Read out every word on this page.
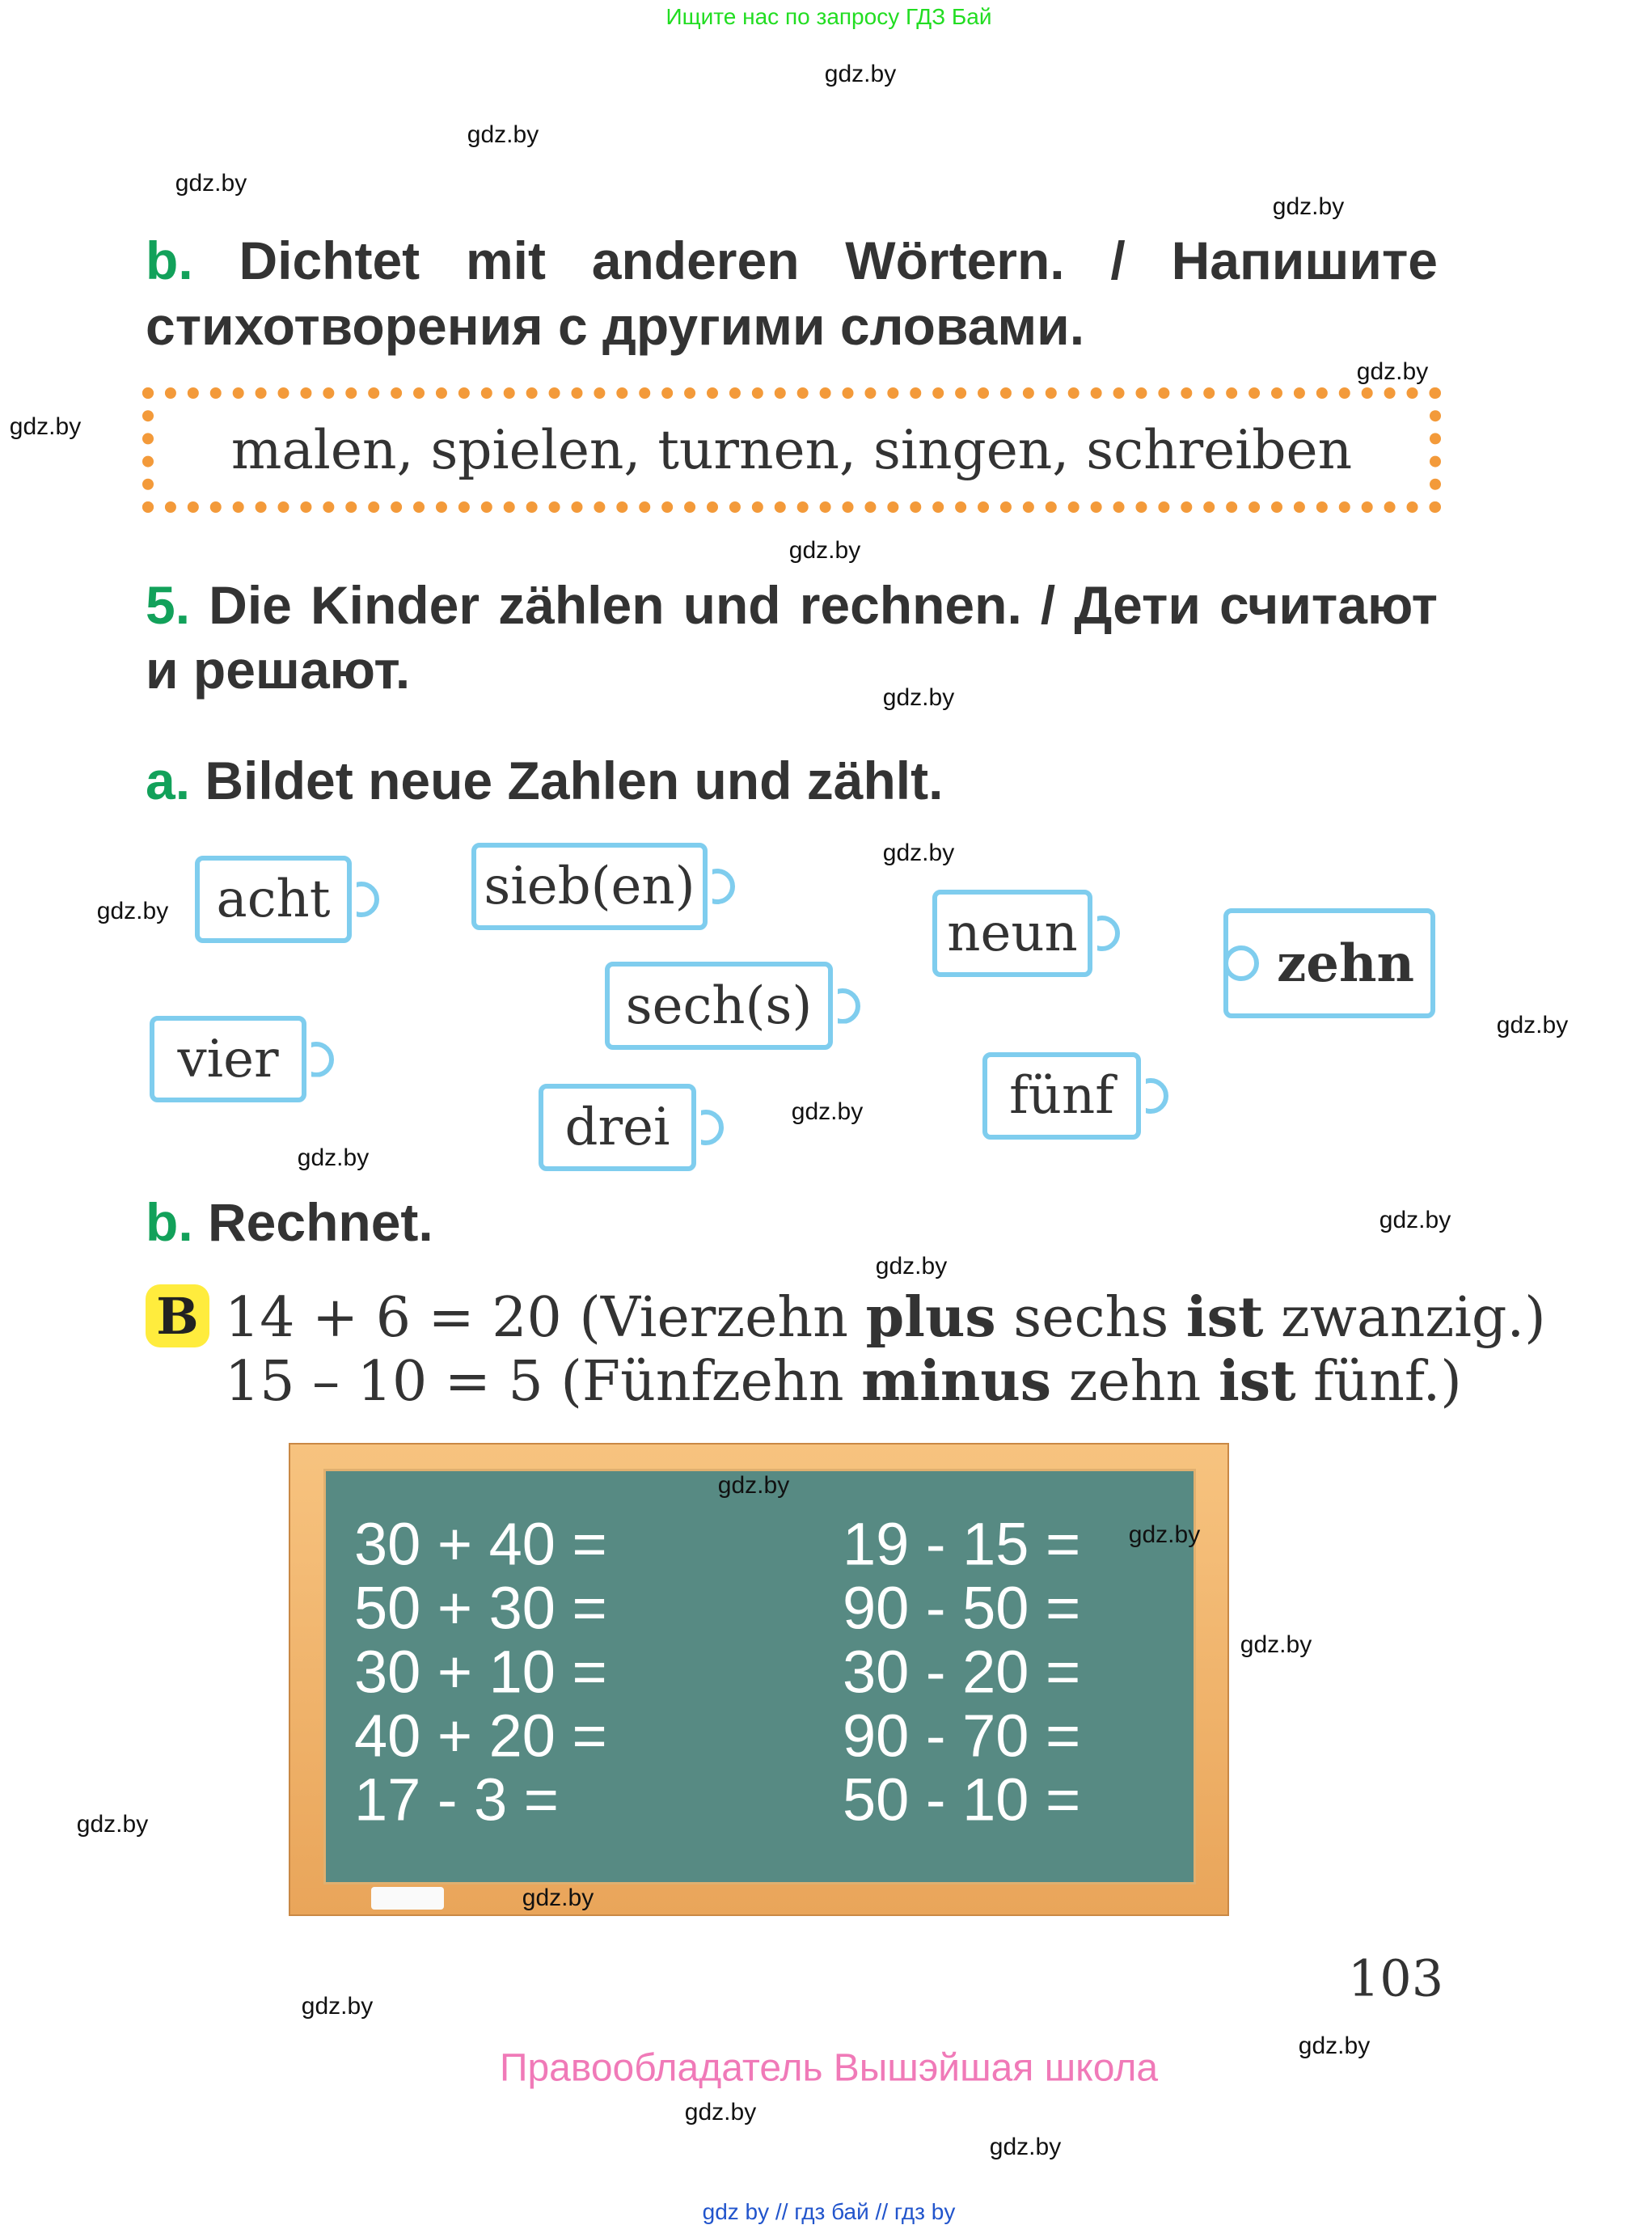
Ищите нас по запросу ГДЗ Бай
b. Dichtet mit anderen Wörtern. / Напишите
стихотворения с другими словами.
malen, spielen, turnen, singen, schreiben
5. Die Kinder zählen und rechnen. / Дети считают
и решают.
a. Bildet neue Zahlen und zählt.
acht	sieb(en)
neun	zehn
sech(s)
vier
drei
fünf
b. Rechnet.
B 14 + 6 = 20 (Vierzehn plus sechs ist zwanzig.)
15 – 10 = 5 (Fünfzehn minus zehn ist fünf.)
30 + 40 =
50 + 30 =
30 + 10 =
40 + 20 =
17 - 3 =
19 - 15 =
90 - 50 =
30 - 20 =
90 - 70 =
50 - 10 =
103
Правообладатель Вышэйшая школа
gdz by // гдз бай // гдз by
gdz.by
gdz.by
gdz.by
gdz.by
gdz.by
gdz.by
gdz.by
gdz.by
gdz.by
gdz.by
gdz.by
gdz.by
gdz.by
gdz.by
gdz.by
gdz.by
gdz.by
gdz.by
gdz.by
gdz.by
gdz.by
gdz.by
gdz.by
gdz.by
